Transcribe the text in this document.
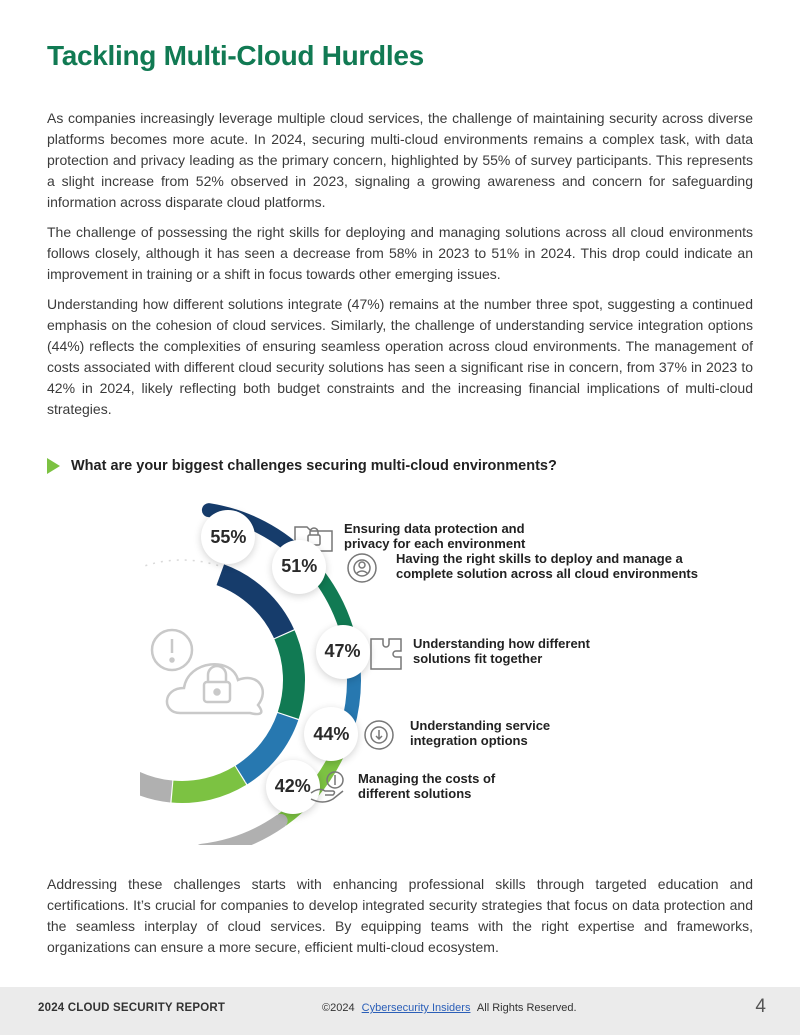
Tackling Multi-Cloud Hurdles

As companies increasingly leverage multiple cloud services, the challenge of maintaining security across diverse platforms becomes more acute. In 2024, securing multi-cloud environments remains a complex task, with data protection and privacy leading as the primary concern, highlighted by 55% of survey participants. This represents a slight increase from 52% observed in 2023, signaling a growing awareness and concern for safeguarding information across disparate cloud platforms.

The challenge of possessing the right skills for deploying and managing solutions across all cloud environments follows closely, although it has seen a decrease from 58% in 2023 to 51% in 2024. This drop could indicate an improvement in training or a shift in focus towards other emerging issues.

Understanding how different solutions integrate (47%) remains at the number three spot, suggesting a continued emphasis on the cohesion of cloud services. Similarly, the challenge of understanding service integration options (44%) reflects the complexities of ensuring seamless operation across cloud environments. The management of costs associated with different cloud security solutions has seen a significant rise in concern, from 37% in 2023 to 42% in 2024, likely reflecting both budget constraints and the increasing financial implications of multi-cloud strategies.

What are your biggest challenges securing multi-cloud environments?
55%	Ensuring data protection and
privacy for each environment
51%	Having the right skills to deploy and manage a
complete solution across all cloud environments
47%	Understanding how different
solutions fit together
44%	Understanding service
integration options
42%	Managing the costs of
different solutions

Addressing these challenges starts with enhancing professional skills through targeted education and certifications. It’s crucial for companies to develop integrated security strategies that focus on data protection and the seamless interplay of cloud services. By equipping teams with the right expertise and frameworks, organizations can ensure a more secure, efficient multi-cloud ecosystem.

2024 CLOUD SECURITY REPORT	©2024 Cybersecurity Insiders All Rights Reserved.	4
